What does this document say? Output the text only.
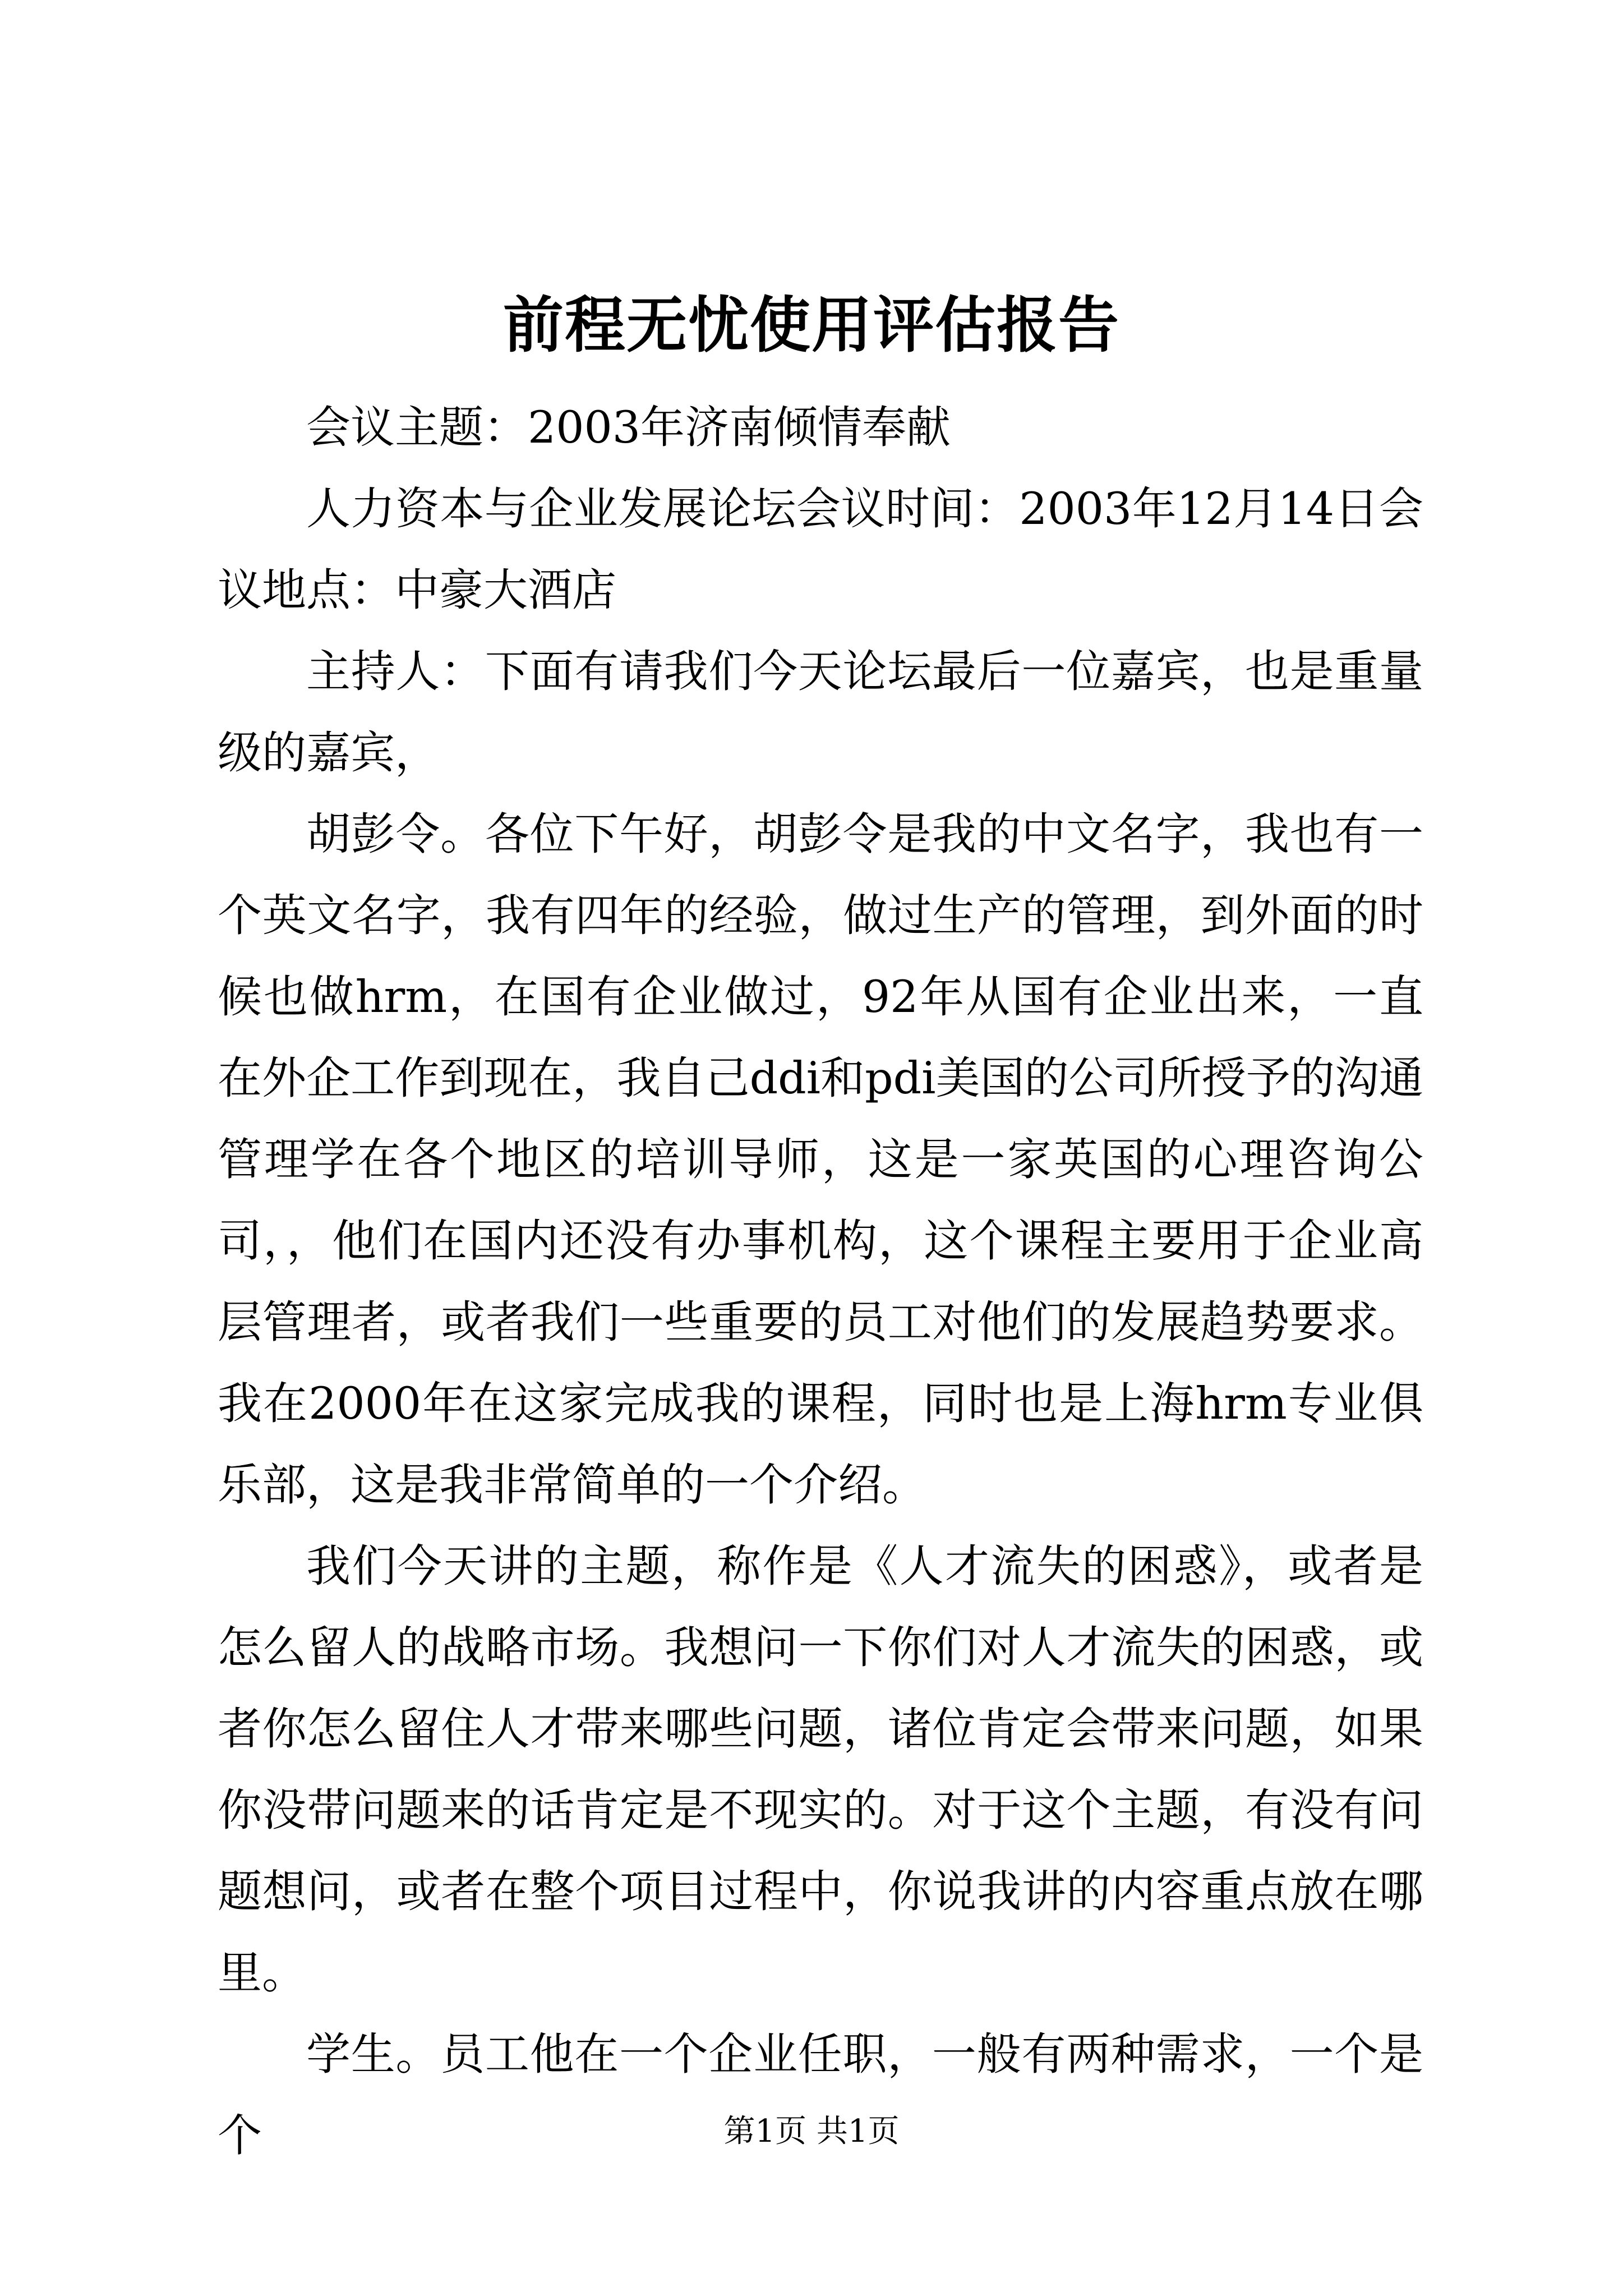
前程无忧使用评估报告

会议主题：2003年济南倾情奉献

人力资本与企业发展论坛会议时间：2003年12月14日会议地点：中豪大酒店

主持人：下面有请我们今天论坛最后一位嘉宾，也是重量级的嘉宾，

胡彭令。各位下午好，胡彭令是我的中文名字，我也有一个英文名字，我有四年的经验，做过生产的管理，到外面的时候也做hrm，在国有企业做过，92年从国有企业出来，一直在外企工作到现在，我自己ddi和pdi美国的公司所授予的沟通管理学在各个地区的培训导师，这是一家英国的心理咨询公司，，他们在国内还没有办事机构，这个课程主要用于企业高层管理者，或者我们一些重要的员工对他们的发展趋势要求。我在2000年在这家完成我的课程，同时也是上海hrm专业俱乐部，这是我非常简单的一个介绍。

我们今天讲的主题，称作是《人才流失的困惑》，或者是怎么留人的战略市场。我想问一下你们对人才流失的困惑，或者你怎么留住人才带来哪些问题，诸位肯定会带来问题，如果你没带问题来的话肯定是不现实的。对于这个主题，有没有问题想问，或者在整个项目过程中，你说我讲的内容重点放在哪里。

学生。员工他在一个企业任职，一般有两种需求，一个是个	第1页 共1页
